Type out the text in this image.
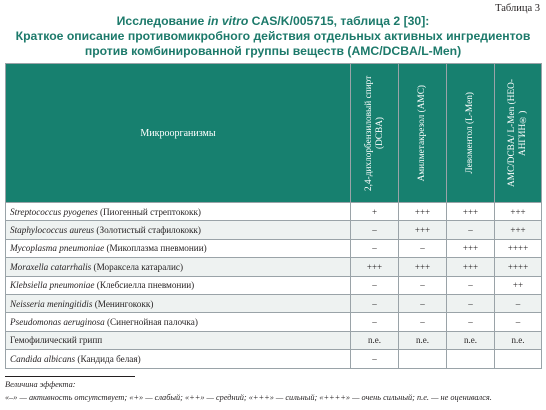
Таблица 3
Исследование in vitro CAS/K/005715, таблица 2 [30]:
Краткое описание противомикробного действия отдельных активных ингредиентов
против комбинированной группы веществ (AMC/DCBA/L-Men)
Микроорганизмы	2,4-дихлорбензиловый спирт (DCBA)	Амилметакрезол (AMC)	Левоментол (L-Men)	AMC/DCBA/ L-Men (НЕО-АНГИН®)

Streptococcus pyogenes (Пиогенный стрептококк)	+	+++	+++	+++
Staphylococcus aureus (Золотистый стафилококк)	–	+++	–	+++
Mycoplasma pneumoniae (Микоплазма пневмонии)	–	–	+++	++++
Moraxella catarrhalis (Мораксела катаралис)	+++	+++	+++	++++
Klebsiella pneumoniae (Клебсиелла пневмонии)	–	–	–	++
Neisseria meningitidis (Менингококк)	–	–	–	–
Pseudomonas aeruginosa (Синегнойная палочка)	–	–	–	–
Гемофилический грипп	n.e.	n.e.	n.e.	n.e.
Candida albicans (Кандида белая)	–			
Величина эффекта:
«–» — активность отсутствует; «+» — слабый; «++» — средний; «+++» — сильный; «++++» — очень сильный; n.e. — не оценивался.
